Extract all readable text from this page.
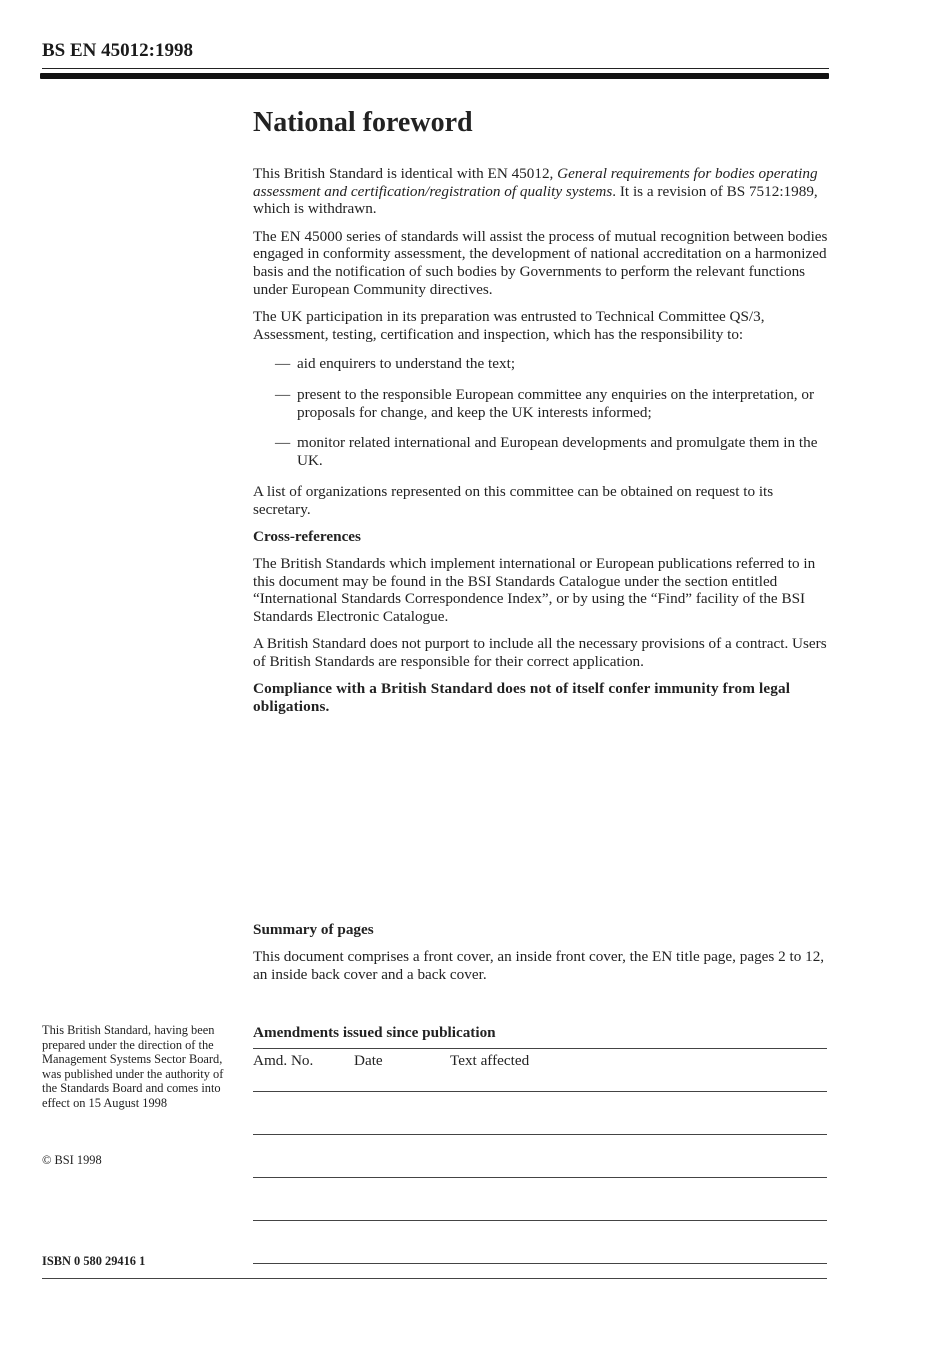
BS EN 45012:1998
National foreword

This British Standard is identical with EN 45012, General requirements for bodies operating assessment and certification/registration of quality systems. It is a revision of BS 7512:1989, which is withdrawn.

The EN 45000 series of standards will assist the process of mutual recognition between bodies engaged in conformity assessment, the development of national accreditation on a harmonized basis and the notification of such bodies by Governments to perform the relevant functions under European Community directives.

The UK participation in its preparation was entrusted to Technical Committee QS/3, Assessment, testing, certification and inspection, which has the responsibility to:

— aid enquirers to understand the text;
— present to the responsible European committee any enquiries on the interpretation, or proposals for change, and keep the UK interests informed;
— monitor related international and European developments and promulgate them in the UK.

A list of organizations represented on this committee can be obtained on request to its secretary.

Cross-references

The British Standards which implement international or European publications referred to in this document may be found in the BSI Standards Catalogue under the section entitled “International Standards Correspondence Index”, or by using the “Find” facility of the BSI Standards Electronic Catalogue.

A British Standard does not purport to include all the necessary provisions of a contract. Users of British Standards are responsible for their correct application.

Compliance with a British Standard does not of itself confer immunity from legal obligations.

Summary of pages

This document comprises a front cover, an inside front cover, the EN title page, pages 2 to 12, an inside back cover and a back cover.

This British Standard, having been prepared under the direction of the Management Systems Sector Board, was published under the authority of the Standards Board and comes into effect on 15 August 1998
© BSI 1998
ISBN 0 580 29416 1
Amendments issued since publication
Amd. No.	Date	Text affected
